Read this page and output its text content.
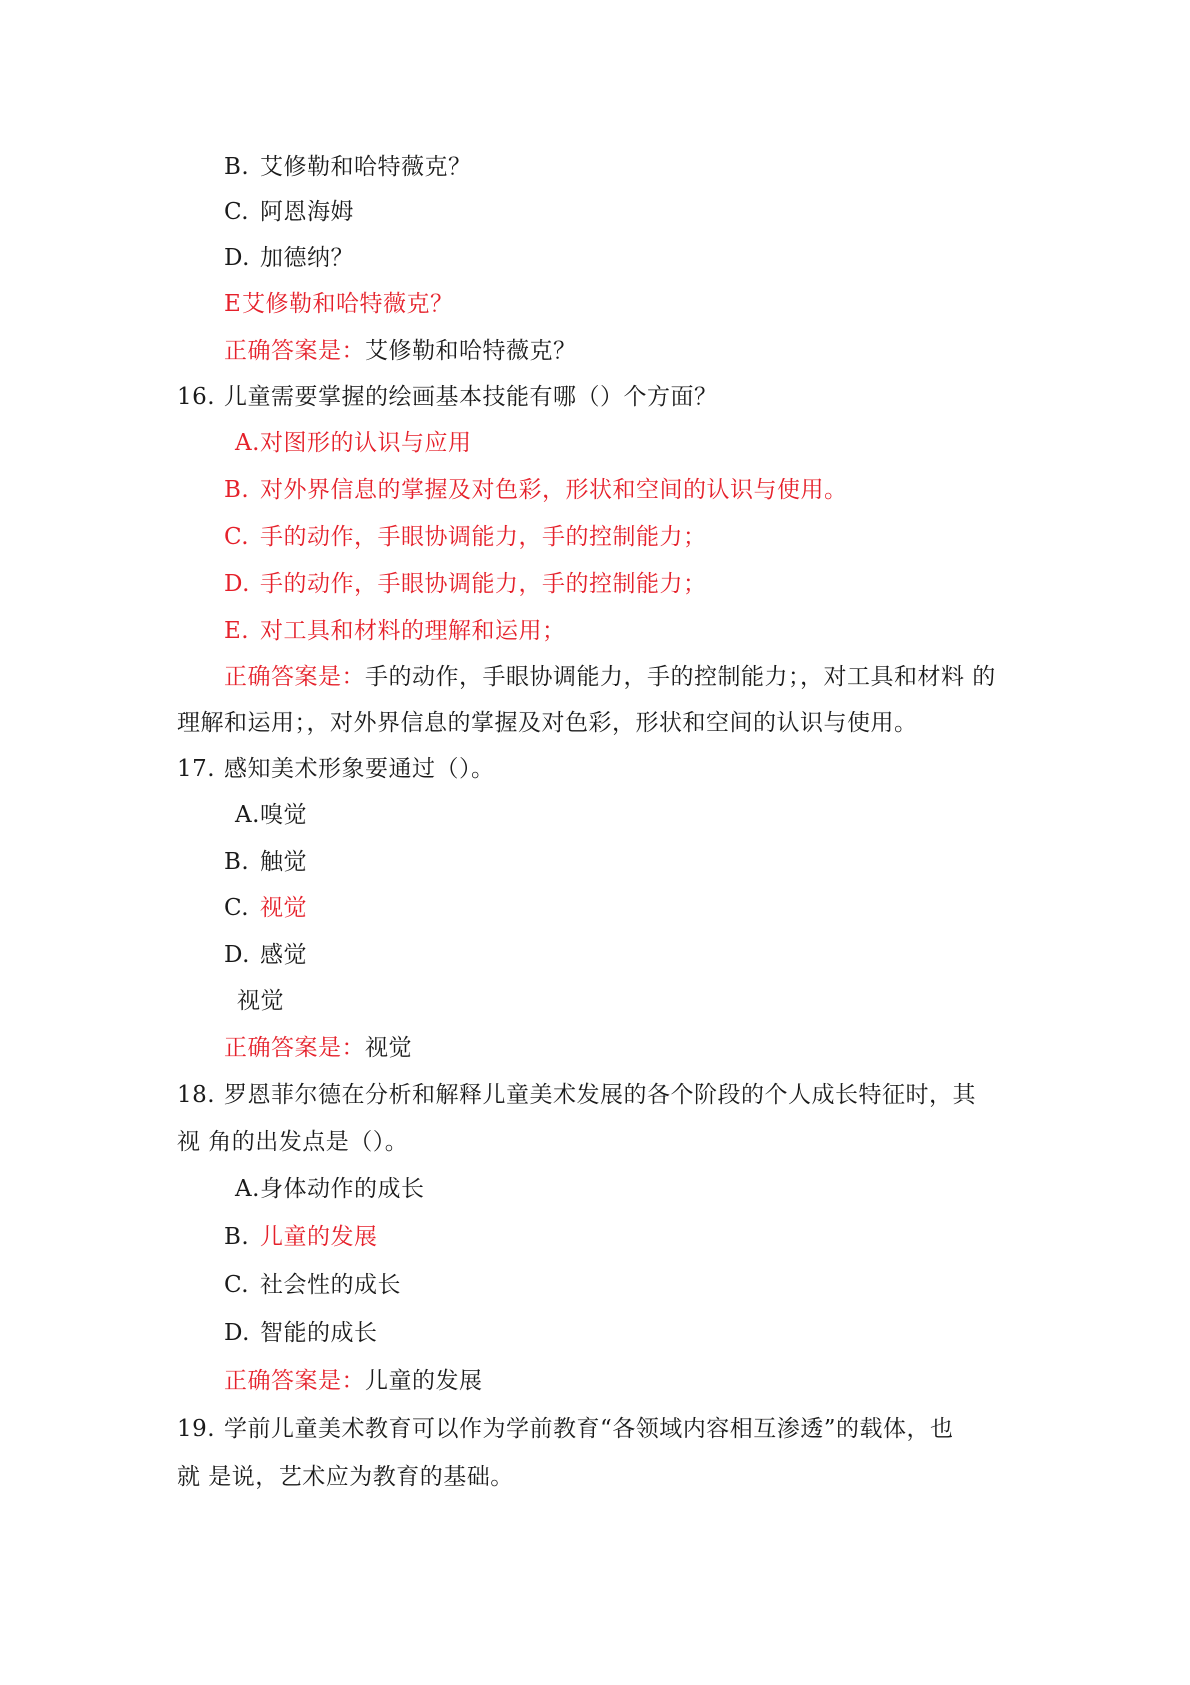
B. 艾修勒和哈特薇克？
C. 阿恩海姆
D. 加德纳？
E艾修勒和哈特薇克？
正确答案是：艾修勒和哈特薇克？
16. 儿童需要掌握的绘画基本技能有哪（）个方面？
A.对图形的认识与应用
B. 对外界信息的掌握及对色彩，形状和空间的认识与使用。
C. 手的动作，手眼协调能力，手的控制能力；
D. 手的动作，手眼协调能力，手的控制能力；
E. 对工具和材料的理解和运用；
正确答案是：手的动作，手眼协调能力，手的控制能力；，对工具和材料 的
理解和运用；，对外界信息的掌握及对色彩，形状和空间的认识与使用。
17. 感知美术形象要通过（）。
A.嗅觉
B. 触觉
C. 视觉
D. 感觉
视觉
正确答案是：视觉
18. 罗恩菲尔德在分析和解释儿童美术发展的各个阶段的个人成长特征时，其
视 角的出发点是（）。
A.身体动作的成长
B. 儿童的发展
C. 社会性的成长
D. 智能的成长
正确答案是：儿童的发展
19. 学前儿童美术教育可以作为学前教育“各领域内容相互渗透”的载体，也
就 是说，艺术应为教育的基础。
